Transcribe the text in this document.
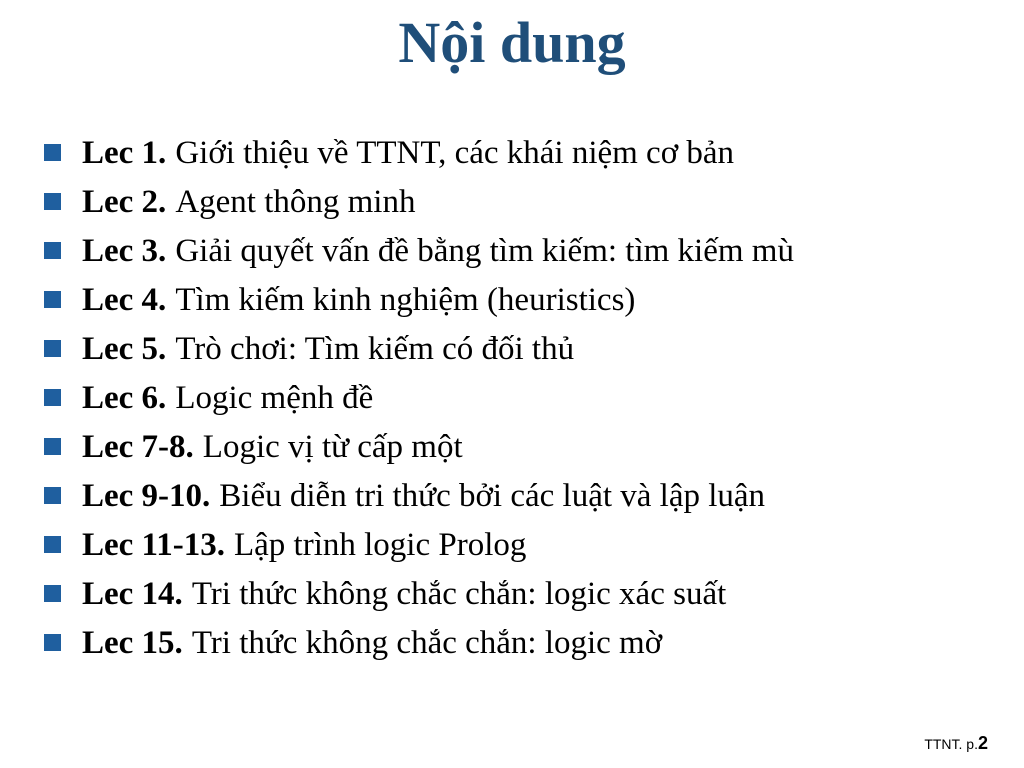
Nội dung
Lec 1. Giới thiệu về TTNT, các khái niệm cơ bản
Lec 2. Agent thông minh
Lec 3. Giải quyết vấn đề bằng tìm kiếm: tìm kiếm mù
Lec 4. Tìm kiếm kinh nghiệm (heuristics)
Lec 5. Trò chơi: Tìm kiếm có đối thủ
Lec 6. Logic mệnh đề
Lec 7-8. Logic vị từ cấp một
Lec 9-10. Biểu diễn tri thức bởi các luật và lập luận
Lec 11-13. Lập trình logic Prolog
Lec 14. Tri thức không chắc chắn: logic xác suất
Lec 15. Tri thức không chắc chắn: logic mờ
TTNT. p.2
